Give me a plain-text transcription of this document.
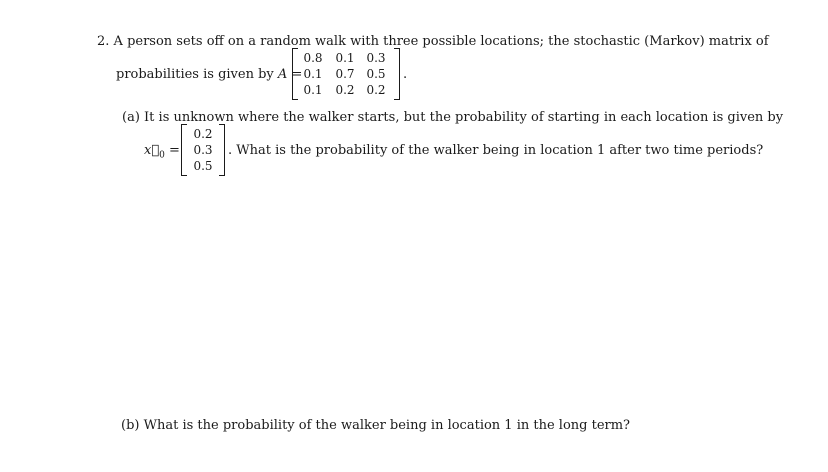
2. A person sets off on a random walk with three possible locations; the stochastic (Markov) matrix of
probabilities is given by A =
0.8	0.1 0.3
0.1	0.7 0.5
0.1	0.2 0.2
.
(a) It is unknown where the walker starts, but the probability of starting in each location is given by
$x⃗_0$ =
0.2
0.3
0.5
. What is the probability of the walker being in location 1 after two time periods?
(b) What is the probability of the walker being in location 1 in the long term?
